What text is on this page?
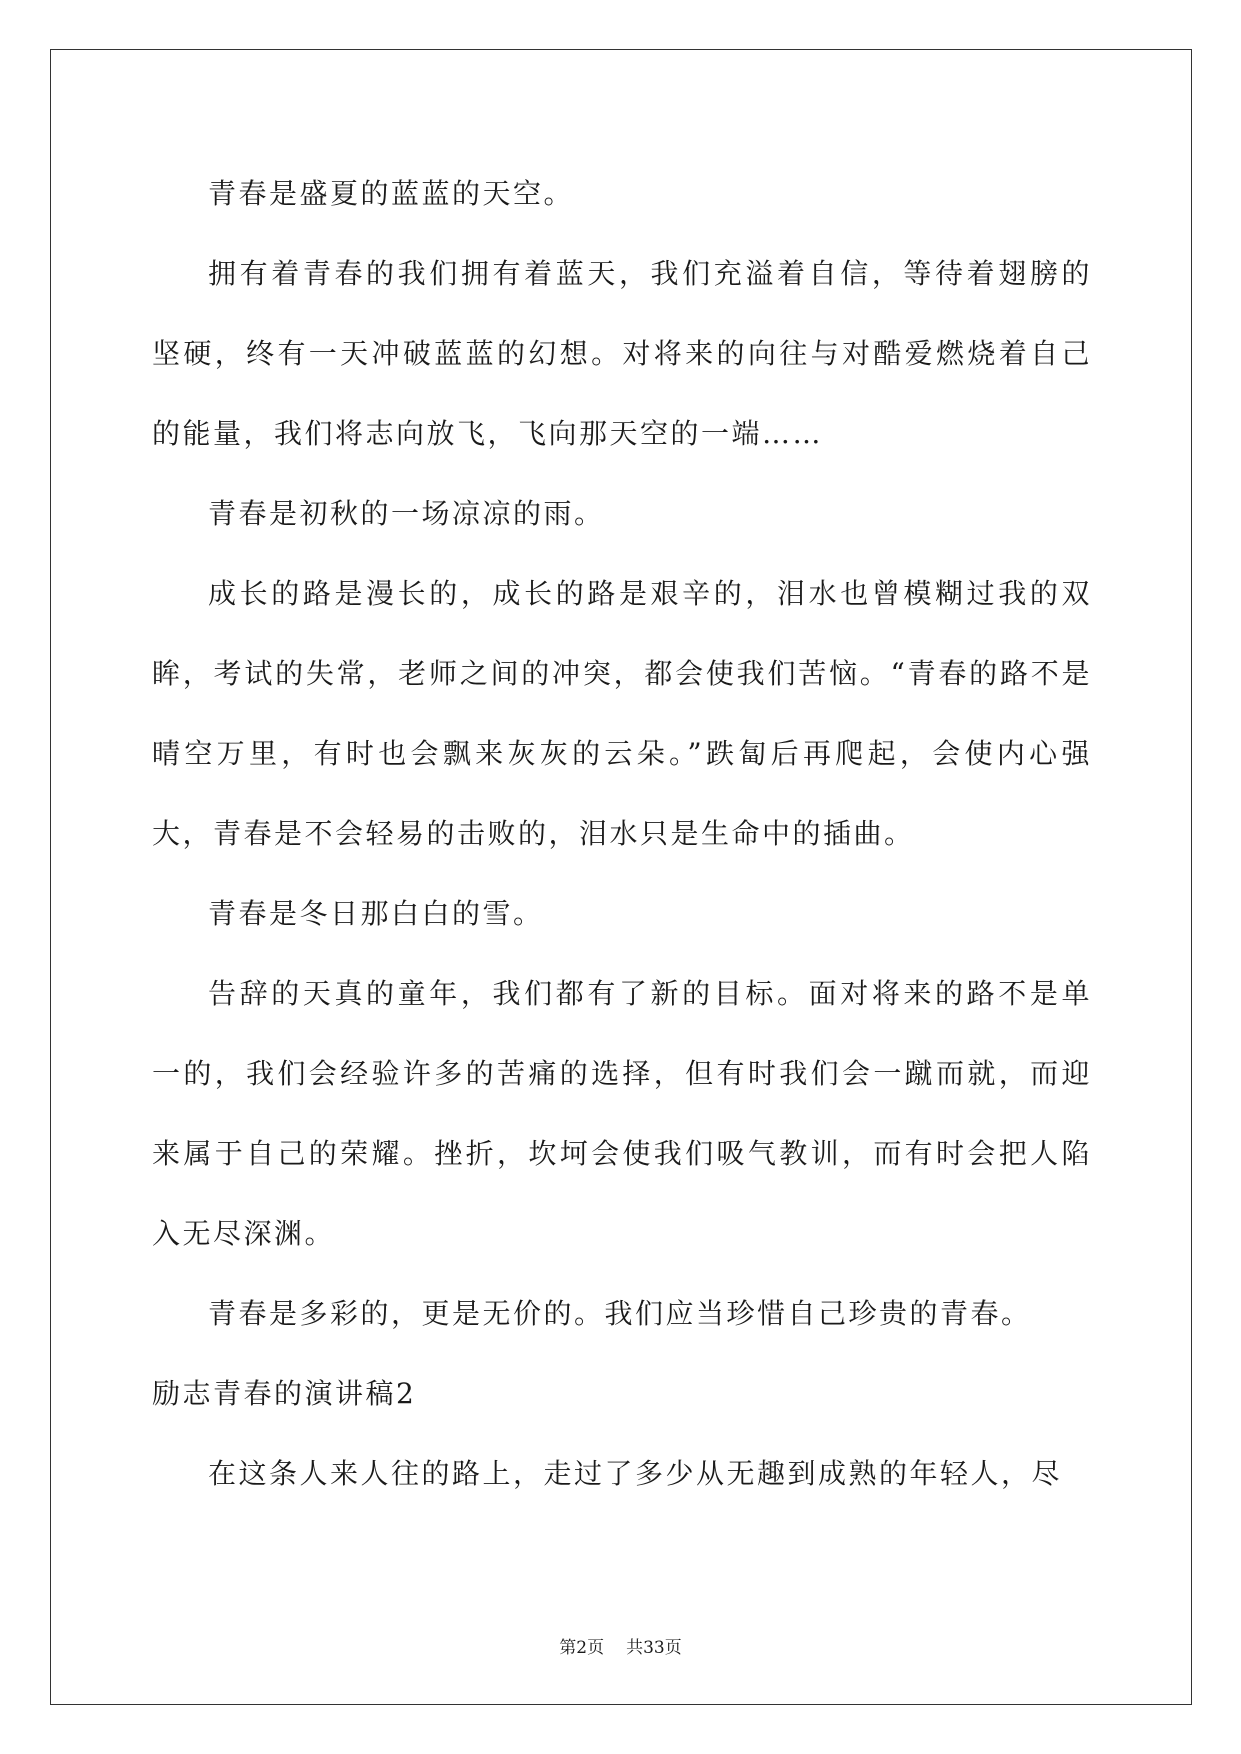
青春是盛夏的蓝蓝的天空。

拥有着青春的我们拥有着蓝天，我们充溢着自信，等待着翅膀的坚硬，终有一天冲破蓝蓝的幻想。对将来的向往与对酷爱燃烧着自己的能量，我们将志向放飞，飞向那天空的一端……

青春是初秋的一场凉凉的雨。

成长的路是漫长的，成长的路是艰辛的，泪水也曾模糊过我的双眸，考试的失常，老师之间的冲突，都会使我们苦恼。“青春的路不是晴空万里，有时也会飘来灰灰的云朵。”跌匐后再爬起，会使内心强大，青春是不会轻易的击败的，泪水只是生命中的插曲。

青春是冬日那白白的雪。

告辞的天真的童年，我们都有了新的目标。面对将来的路不是单一的，我们会经验许多的苦痛的选择，但有时我们会一蹴而就，而迎来属于自己的荣耀。挫折，坎坷会使我们吸气教训，而有时会把人陷入无尽深渊。

青春是多彩的，更是无价的。我们应当珍惜自己珍贵的青春。

励志青春的演讲稿2

在这条人来人往的路上，走过了多少从无趣到成熟的年轻人，尽

第2页 共33页
